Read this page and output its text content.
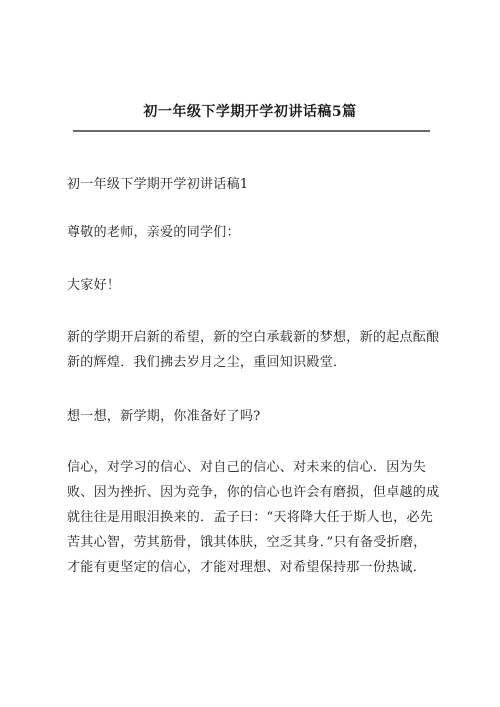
初一年级下学期开学初讲话稿5篇
初一年级下学期开学初讲话稿1
尊敬的老师，亲爱的同学们：
大家好！
新的学期开启新的希望，新的空白承载新的梦想，新的起点酝酿
新的辉煌．我们拂去岁月之尘，重回知识殿堂．
想一想，新学期，你准备好了吗?
信心，对学习的信心、对自己的信心、对未来的信心．因为失
败、因为挫折、因为竞争，你的信心也许会有磨损，但卓越的成
就往往是用眼泪换来的．孟子曰：“天将降大任于斯人也，必先
苦其心智，劳其筋骨，饿其体肤，空乏其身．”只有备受折磨，
才能有更坚定的信心，才能对理想、对希望保持那一份热诚．
